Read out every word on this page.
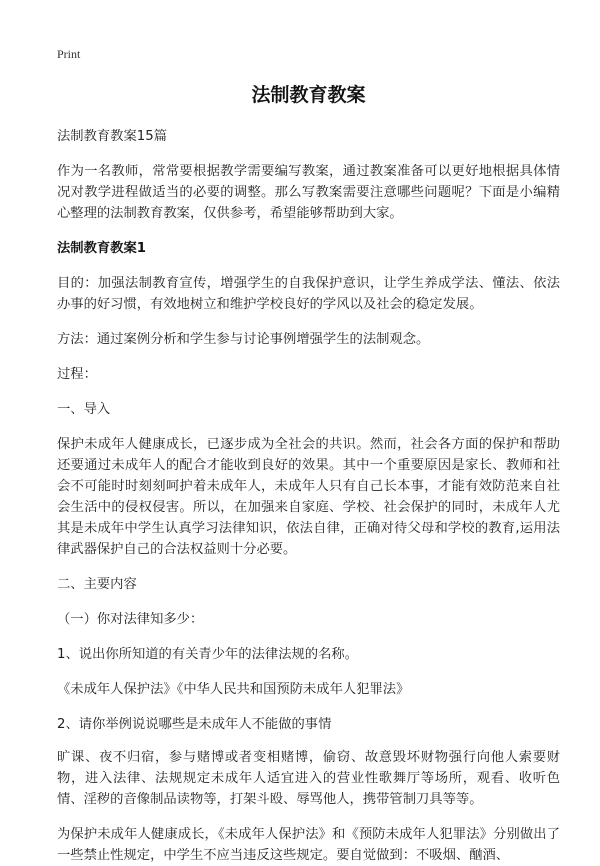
Print
法制教育教案

法制教育教案15篇

作为一名教师，常常要根据教学需要编写教案，通过教案准备可以更好地根据具体情况对教学进程做适当的必要的调整。那么写教案需要注意哪些问题呢？下面是小编精心整理的法制教育教案，仅供参考，希望能够帮助到大家。

法制教育教案1

目的：加强法制教育宣传，增强学生的自我保护意识，让学生养成学法、懂法、依法办事的好习惯，有效地树立和维护学校良好的学风以及社会的稳定发展。

方法：通过案例分析和学生参与讨论事例增强学生的法制观念。

过程：

一、导入

保护未成年人健康成长，已逐步成为全社会的共识。然而，社会各方面的保护和帮助还要通过未成年人的配合才能收到良好的效果。其中一个重要原因是家长、教师和社会不可能时时刻刻呵护着未成年人，未成年人只有自己长本事，才能有效防范来自社会生活中的侵权侵害。所以，在加强来自家庭、学校、社会保护的同时，未成年人尤其是未成年中学生认真学习法律知识，依法自律，正确对待父母和学校的教育,运用法律武器保护自己的合法权益则十分必要。

二、主要内容

（一）你对法律知多少：

1、说出你所知道的有关青少年的法律法规的名称。

《未成年人保护法》《中华人民共和国预防未成年人犯罪法》

2、请你举例说说哪些是未成年人不能做的事情

旷课、夜不归宿，参与赌博或者变相赌博，偷窃、故意毁坏财物强行向他人索要财物，进入法律、法规规定未成年人适宜进入的营业性歌舞厅等场所，观看、收听色情、淫秽的音像制品读物等，打架斗殴、辱骂他人，携带管制刀具等等。

为保护未成年人健康成长，《未成年人保护法》和《预防未成年人犯罪法》分别做出了一些禁止性规定，中学生不应当违反这些规定。要自觉做到：不吸烟、酗酒、
